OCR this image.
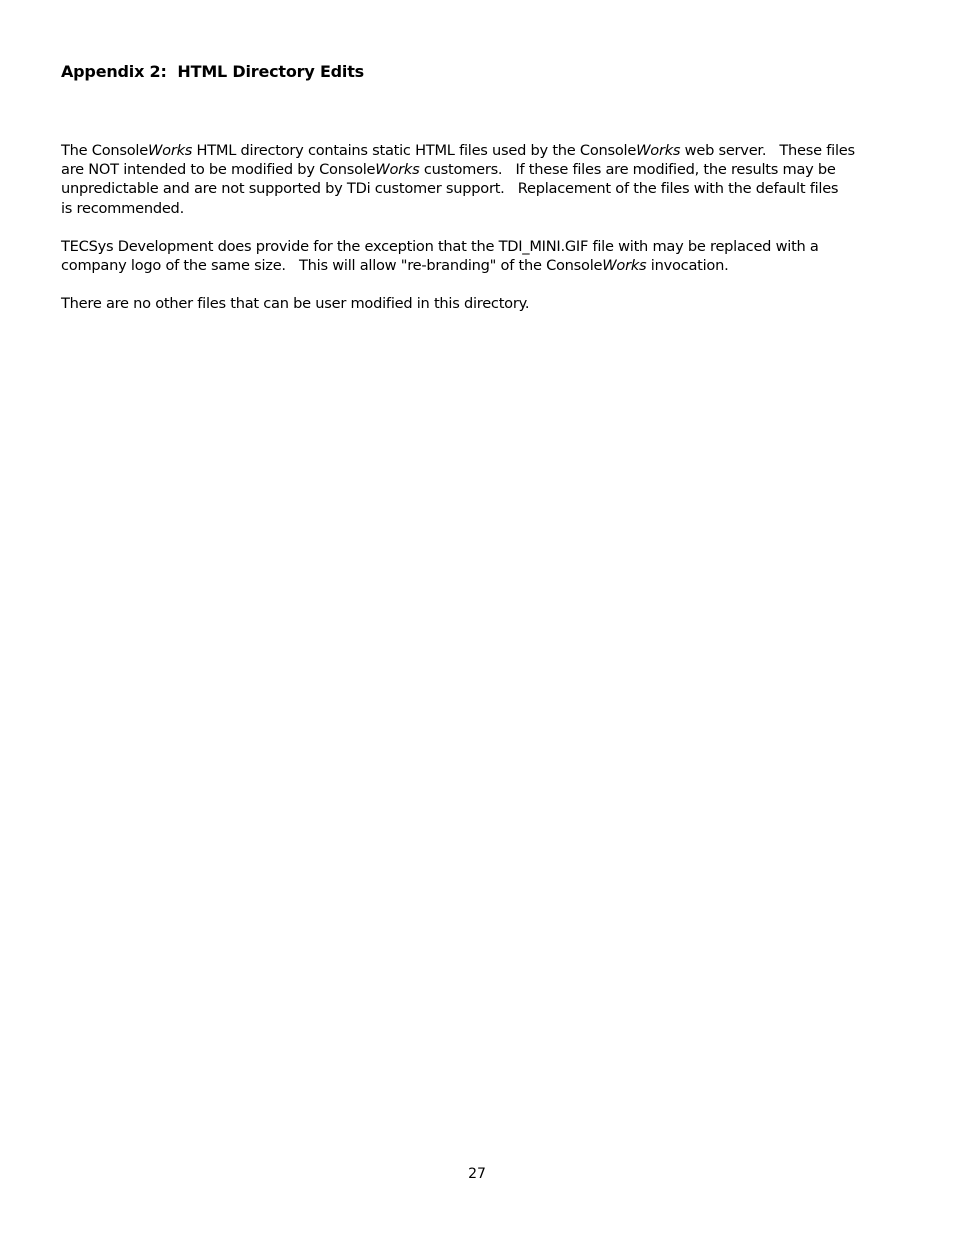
Appendix 2:  HTML Directory Edits

The ConsoleWorks HTML directory contains static HTML files used by the ConsoleWorks web server.   These files
are NOT intended to be modified by ConsoleWorks customers.   If these files are modified, the results may be
unpredictable and are not supported by TDi customer support.   Replacement of the files with the default files
is recommended.

TECSys Development does provide for the exception that the TDI_MINI.GIF file with may be replaced with a
company logo of the same size.   This will allow "re-branding" of the ConsoleWorks invocation.

There are no other files that can be user modified in this directory.

27
